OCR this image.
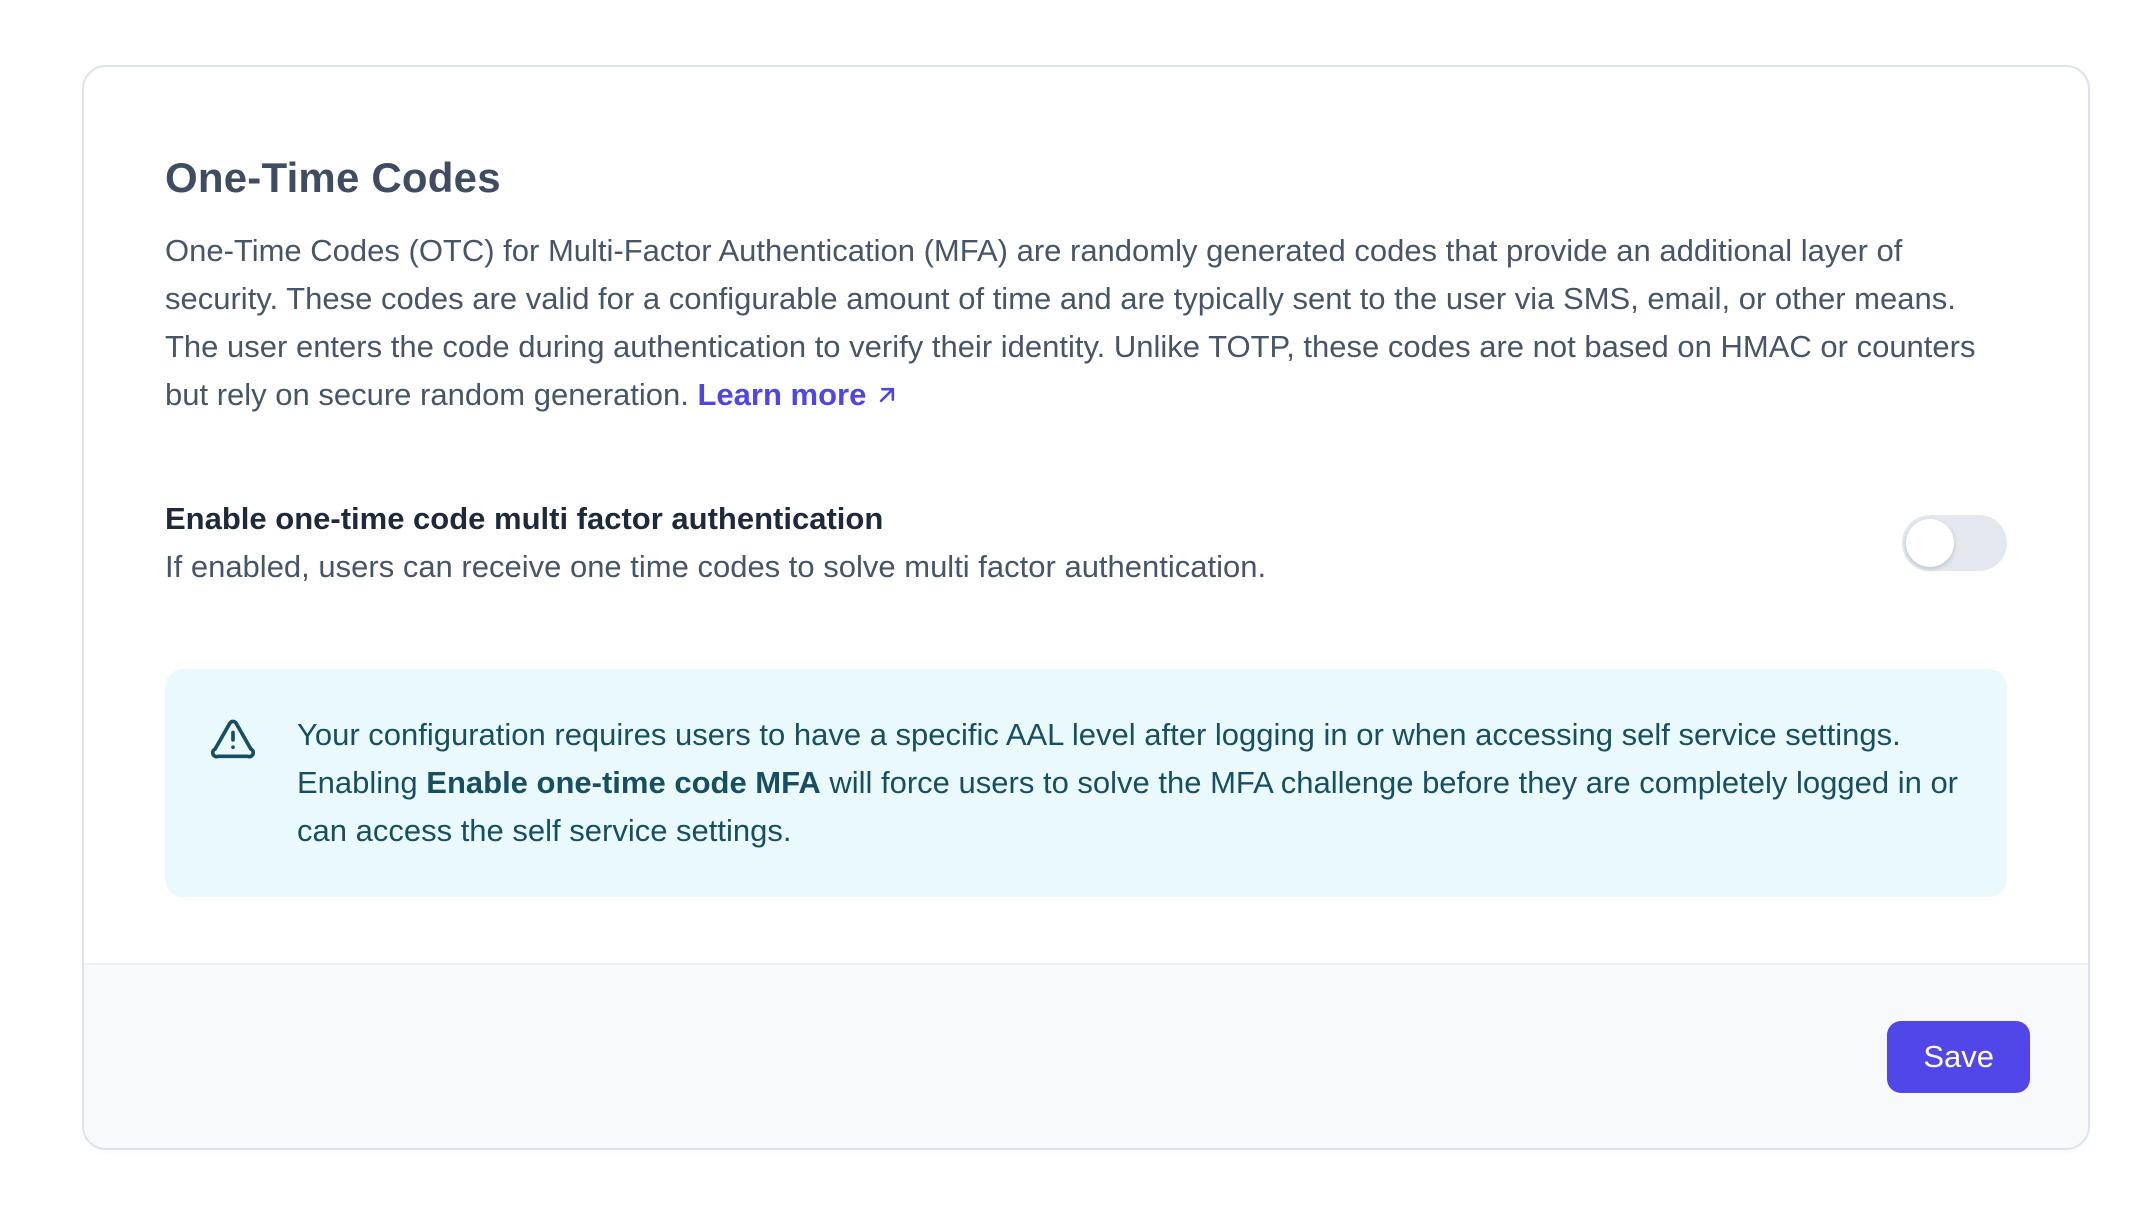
One-Time Codes

One-Time Codes (OTC) for Multi-Factor Authentication (MFA) are randomly generated codes that provide an additional layer of security. These codes are valid for a configurable amount of time and are typically sent to the user via SMS, email, or other means. The user enters the code during authentication to verify their identity. Unlike TOTP, these codes are not based on HMAC or counters but rely on secure random generation. Learn more

Enable one-time code multi factor authentication
If enabled, users can receive one time codes to solve multi factor authentication.

Your configuration requires users to have a specific AAL level after logging in or when accessing self service settings. Enabling Enable one-time code MFA will force users to solve the MFA challenge before they are completely logged in or can access the self service settings.

Save
